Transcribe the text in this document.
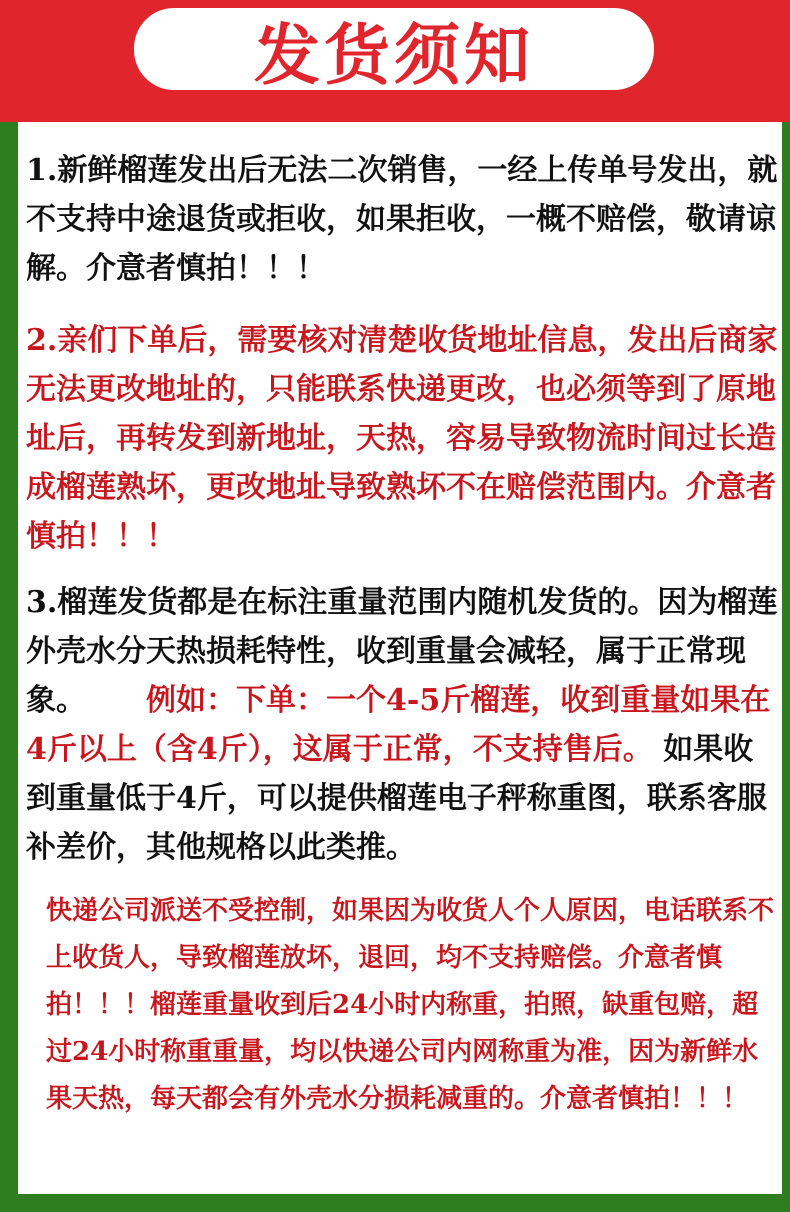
发货须知

1.新鲜榴莲发出后无法二次销售，一经上传单号发出，就不支持中途退货或拒收，如果拒收，一概不赔偿，敬请谅解。介意者慎拍！！！

2.亲们下单后，需要核对清楚收货地址信息，发出后商家无法更改地址的，只能联系快递更改，也必须等到了原地址后，再转发到新地址，天热，容易导致物流时间过长造成榴莲熟坏，更改地址导致熟坏不在赔偿范围内。介意者慎拍！！！

3.榴莲发货都是在标注重量范围内随机发货的。因为榴莲外壳水分天热损耗特性，收到重量会减轻，属于正常现象。 例如：下单：一个4-5斤榴莲，收到重量如果在4斤以上（含4斤），这属于正常，不支持售后。 如果收到重量低于4斤，可以提供榴莲电子秤称重图，联系客服补差价，其他规格以此类推。

快递公司派送不受控制，如果因为收货人个人原因，电话联系不上收货人，导致榴莲放坏，退回，均不支持赔偿。介意者慎拍！！！榴莲重量收到后24小时内称重，拍照，缺重包赔，超过24小时称重重量，均以快递公司内网称重为准，因为新鲜水果天热，每天都会有外壳水分损耗减重的。介意者慎拍！！！
